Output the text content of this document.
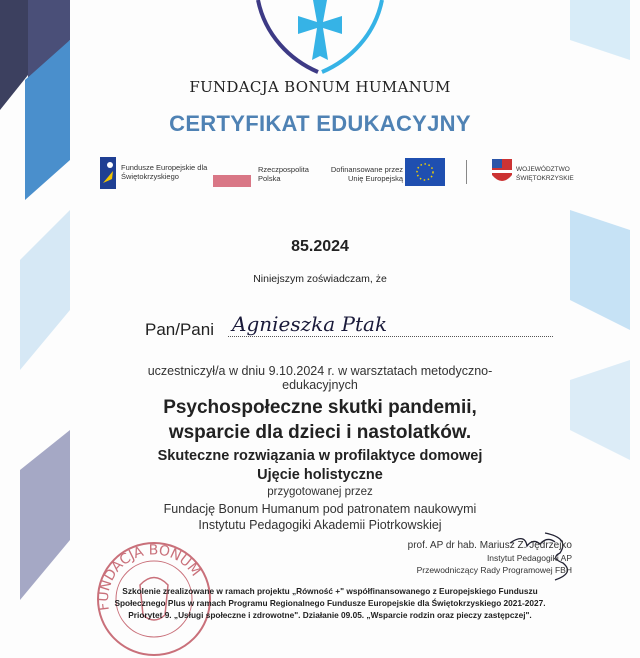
FUNDACJA BONUM HUMANUM
CERTYFIKAT EDUKACYJNY
Fundusze Europejskie dla Świętokrzyskiego
Rzeczpospolita Polska
Dofinansowane przez Unię Europejską
WOJEWÓDZTWO ŚWIĘTOKRZYSKIE
85.2024
Niniejszym zoświadczam, że
Pan/Pani Agnieszka Ptak
uczestniczył/a w dniu 9.10.2024 r. w warsztatach metodyczno-
edukacyjnych
Psychospołeczne skutki pandemii,
wsparcie dla dzieci i nastolatków.
Skuteczne rozwiązania w profilaktyce domowej
Ujęcie holistyczne
przygotowanej przez
Fundację Bonum Humanum pod patronatem naukowymi
Instytutu Pedagogiki Akademii Piotrkowskiej
FUNDACJA BONUM
prof. AP dr hab. Mariusz Z. Jędrzejko
Instytut Pedagogiki AP
Przewodniczący Rady Programowej FBH
Szkolenie zrealizowane w ramach projektu „Równość +" współfinansowanego z Europejskiego Funduszu Społecznego Plus w ramach Programu Regionalnego Fundusze Europejskie dla Świętokrzyskiego 2021-2027. Priorytet 9. „Usługi społeczne i zdrowotne". Działanie 09.05. „Wsparcie rodzin oraz pieczy zastępczej".
